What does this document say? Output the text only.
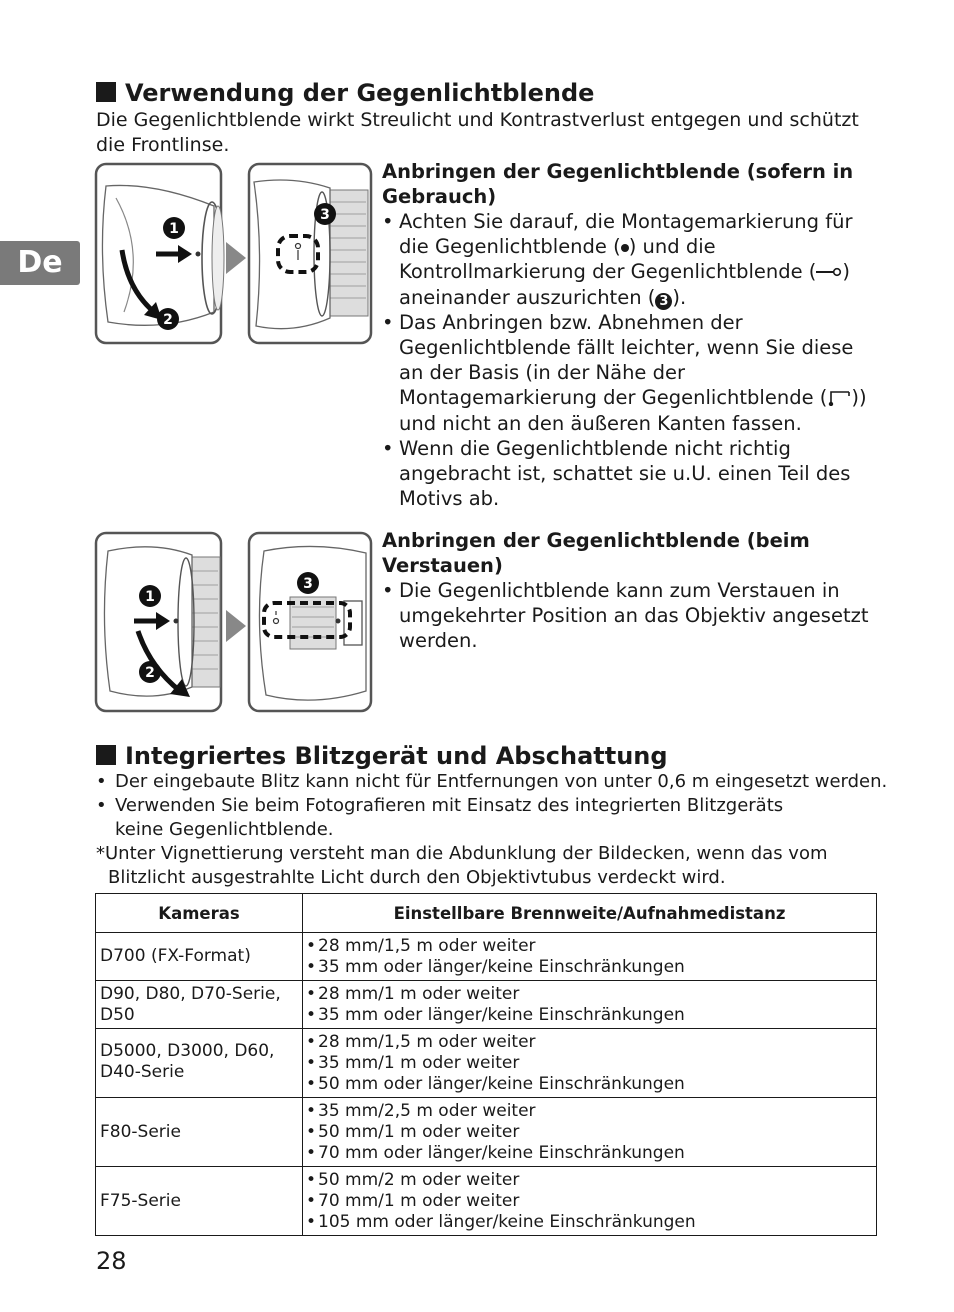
De
Verwendung der Gegenlichtblende
Die Gegenlichtblende wirkt Streulicht und Kontrastverlust entgegen und schützt die Frontlinse.
1
2
3
Anbringen der Gegenlichtblende (sofern in Gebrauch)
• Achten Sie darauf, die Montagemarkierung für die Gegenlichtblende ( ) und die Kontrollmarkierung der Gegenlichtblende ( ) aneinander auszurichten ( 3 ).
• Das Anbringen bzw. Abnehmen der Gegenlichtblende fällt leichter, wenn Sie diese an der Basis (in der Nähe der Montagemarkierung der Gegenlichtblende ( )) und nicht an den äußeren Kanten fassen.
• Wenn die Gegenlichtblende nicht richtig angebracht ist, schattet sie u.U. einen Teil des Motivs ab.
1
2
3
Anbringen der Gegenlichtblende (beim Verstauen)
• Die Gegenlichtblende kann zum Verstauen in umgekehrter Position an das Objektiv angesetzt werden.
Integriertes Blitzgerät und Abschattung
• Der eingebaute Blitz kann nicht für Entfernungen von unter 0,6 m eingesetzt werden.
• Verwenden Sie beim Fotografieren mit Einsatz des integrierten Blitzgeräts keine Gegenlichtblende.
*Unter Vignettierung versteht man die Abdunklung der Bildecken, wenn das vom
Blitzlicht ausgestrahlte Licht durch den Objektivtubus verdeckt wird.
Kameras	Einstellbare Brennweite/Aufnahmedistanz
D700 (FX-Format)	• 28 mm/1,5 m oder weiter
• 35 mm oder länger/keine Einschränkungen

D90, D80, D70-Serie, D50	• 28 mm/1 m oder weiter
• 35 mm oder länger/keine Einschränkungen

D5000, D3000, D60, D40-Serie	• 28 mm/1,5 m oder weiter
• 35 mm/1 m oder weiter
• 50 mm oder länger/keine Einschränkungen

F80-Serie	• 35 mm/2,5 m oder weiter
• 50 mm/1 m oder weiter
• 70 mm oder länger/keine Einschränkungen

F75-Serie	• 50 mm/2 m oder weiter
• 70 mm/1 m oder weiter
• 105 mm oder länger/keine Einschränkungen
28
